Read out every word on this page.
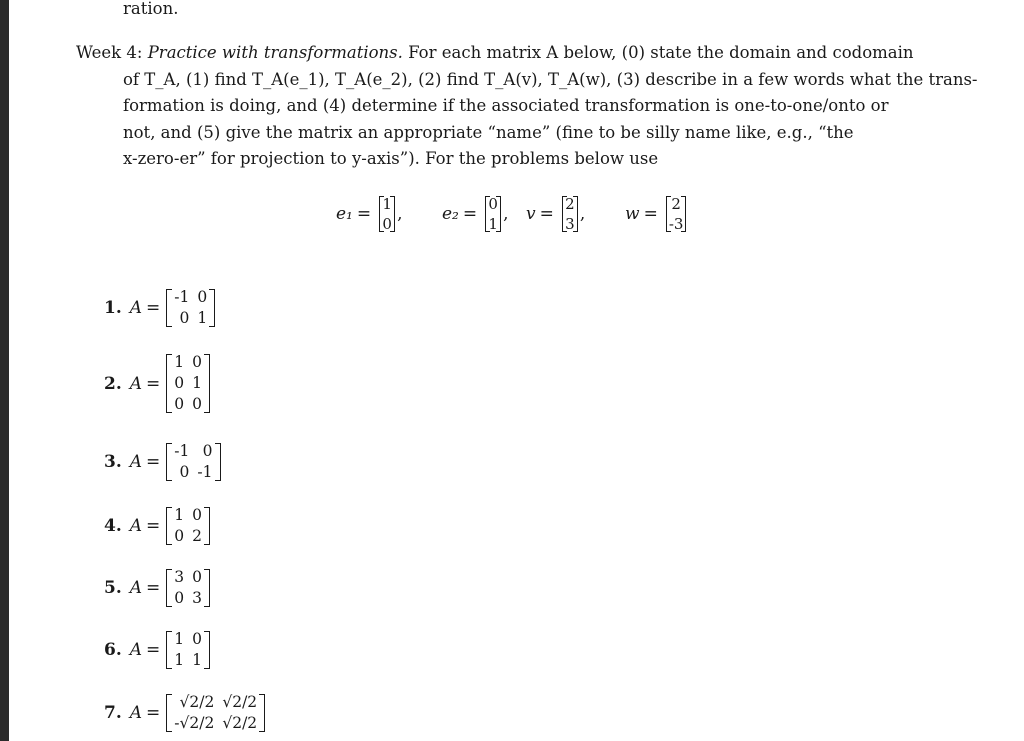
ration.
Week 4: Practice with transformations. For each matrix A below, (0) state the domain and codomain
of T_A, (1) find T_A(e_1), T_A(e_2), (2) find T_A(v), T_A(w), (3) describe in a few words what the trans-
formation is doing, and (4) determine if the associated transformation is one-to-one/onto or
not, and (5) give the matrix an appropriate “name” (fine to be silly name like, e.g., “the
x-zero-er” for projection to y-axis”). For the problems below use
e₁ = 1
0 , e₂ = 0
1 , v = 2
3 , w = 2
-3
1. A =
-1	0
0	1
2. A =
1	0
0	1
0	0
3. A =
-1	0
0	-1
4. A =
1	0
0	2
5. A =
3	0
0	3
6. A =
1	0
1	1
7. A =
√2/2	√2/2
-√2/2	√2/2
